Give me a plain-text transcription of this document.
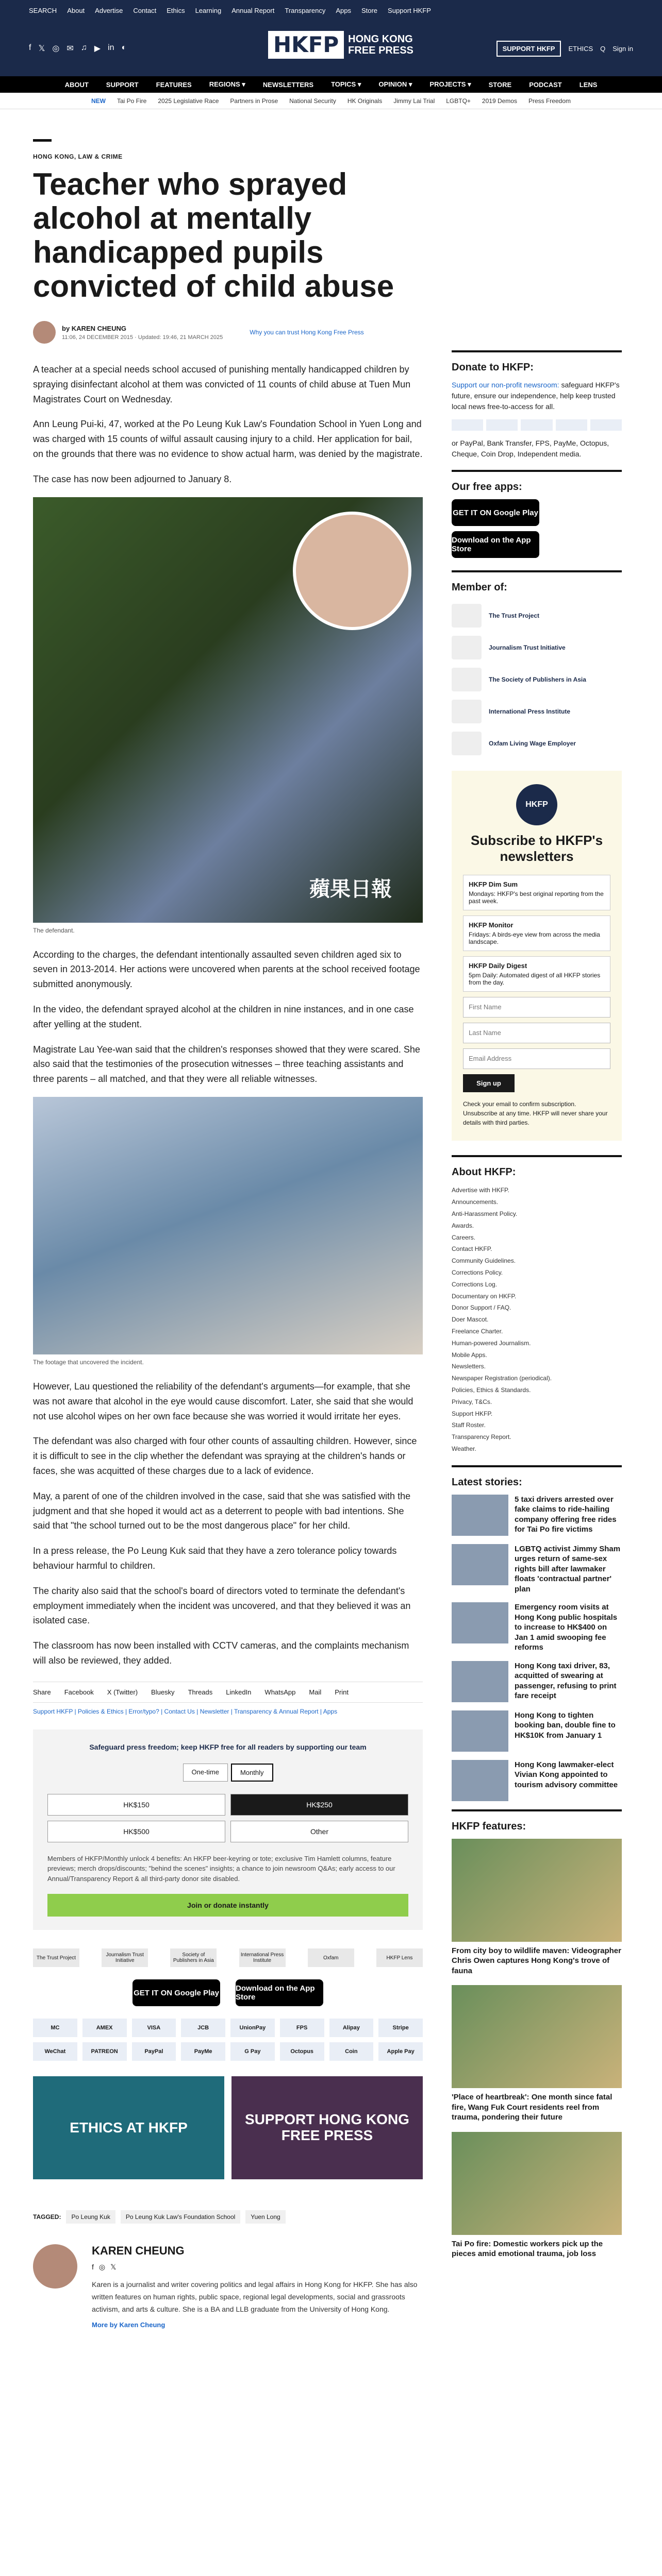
SEARCH About Advertise Contact Ethics Learning Annual Report Transparency Apps Store Support HKFP
f 𝕏 ◎ ✉ ♫ ▶ in ◐	HKFP HONG KONG
FREE PRESS	SUPPORT HKFP	ETHICS Q Sign in
ABOUT	SUPPORT	FEATURES	REGIONS ▾	NEWSLETTERS	TOPICS ▾	OPINION ▾	PROJECTS ▾	STORE	PODCAST	LENS
NEW Tai Po Fire 2025 Legislative Race Partners in Prose National Security HK Originals Jimmy Lai Trial LGBTQ+ 2019 Demos Press Freedom
HONG KONG, LAW & CRIME
Teacher who sprayed alcohol at mentally handicapped pupils convicted of child abuse
by KAREN CHEUNG
11:06, 24 DECEMBER 2015 · Updated: 19:46, 21 MARCH 2025
Why you can trust Hong Kong Free Press

A teacher at a special needs school accused of punishing mentally handicapped children by spraying disinfectant alcohol at them was convicted of 11 counts of child abuse at Tuen Mun Magistrates Court on Wednesday.

Ann Leung Pui-ki, 47, worked at the Po Leung Kuk Law's Foundation School in Yuen Long and was charged with 15 counts of wilful assault causing injury to a child. Her application for bail, on the grounds that there was no evidence to show actual harm, was denied by the magistrate.

The case has now been adjourned to January 8.

蘋果日報
The defendant.

According to the charges, the defendant intentionally assaulted seven children aged six to seven in 2013-2014. Her actions were uncovered when parents at the school received footage submitted anonymously.

In the video, the defendant sprayed alcohol at the children in nine instances, and in one case after yelling at the student.

Magistrate Lau Yee-wan said that the children's responses showed that they were scared. She also said that the testimonies of the prosecution witnesses – three teaching assistants and three parents – all matched, and that they were all reliable witnesses.

The footage that uncovered the incident.

However, Lau questioned the reliability of the defendant's arguments—for example, that she was not aware that alcohol in the eye would cause discomfort. Later, she said that she would not use alcohol wipes on her own face because she was worried it would irritate her eyes.

The defendant was also charged with four other counts of assaulting children. However, since it is difficult to see in the clip whether the defendant was spraying at the children's hands or faces, she was acquitted of these charges due to a lack of evidence.

May, a parent of one of the children involved in the case, said that she was satisfied with the judgment and that she hoped it would act as a deterrent to people with bad intentions. She said that "the school turned out to be the most dangerous place" for her child.

In a press release, the Po Leung Kuk said that they have a zero tolerance policy towards behaviour harmful to children.

The charity also said that the school's board of directors voted to terminate the defendant's employment immediately when the incident was uncovered, and that they believed it was an isolated case.

The classroom has now been installed with CCTV cameras, and the complaints mechanism will also be reviewed, they added.

Share Facebook X (Twitter) Bluesky Threads LinkedIn WhatsApp Mail Print
Support HKFP | Policies & Ethics | Error/typo? | Contact Us | Newsletter | Transparency & Annual Report | Apps
Safeguard press freedom; keep HKFP free for all readers by supporting our team
One-time	Monthly
HK$150	HK$250
HK$500	Other
Members of HKFP/Monthly unlock 4 benefits: An HKFP beer-keyring or tote; exclusive Tim Hamlett columns, feature previews; merch drops/discounts; "behind the scenes" insights; a chance to join newsroom Q&As; early access to our Annual/Transparency Report & all third-party donor site disabled.
Join or donate instantly
The Trust Project	Journalism Trust Initiative
Society of Publishers in Asia
International Press Institute	Oxfam	HKFP Lens
GET IT ON Google Play Download on the App Store
MC	AMEX	VISA	JCB	UnionPay	FPS	Alipay	Stripe
WeChat	PATREON	PayPal	PayMe	G Pay	Octopus	Coin	Apple Pay
ETHICS AT HKFP	SUPPORT HONG KONG FREE PRESS
TAGGED:	Po Leung Kuk	Po Leung Kuk Law's Foundation School	Yuen Long
KAREN CHEUNG
f◎𝕏
Karen is a journalist and writer covering politics and legal affairs in Hong Kong for HKFP. She has also written features on human rights, public space, regional legal developments, social and grassroots activism, and arts & culture. She is a BA and LLB graduate from the University of Hong Kong.
More by Karen Cheung
Donate to HKFP:
Support our non-profit newsroom: safeguard HKFP's future, ensure our independence, help keep trusted local news free-to-access for all.
or PayPal, Bank Transfer, FPS, PayMe, Octopus, Cheque, Coin Drop, Independent media.
Our free apps:
GET IT ON Google Play
Download on the App Store
Member of:
The Trust Project
Journalism Trust Initiative
The Society of Publishers in Asia
International Press Institute
Oxfam Living Wage Employer
HKFP
Subscribe to HKFP's newsletters
HKFP Dim Sum
Mondays: HKFP's best original reporting from the past week.
HKFP Monitor
Fridays: A birds-eye view from across the media landscape.
HKFP Daily Digest
5pm Daily: Automated digest of all HKFP stories from the day.
First Name
Last Name
Email Address
Sign up
Check your email to confirm subscription. Unsubscribe at any time. HKFP will never share your details with third parties.
About HKFP:
Advertise with HKFP.
Announcements.
Anti-Harassment Policy.
Awards.
Careers.
Contact HKFP.
Community Guidelines.
Corrections Policy.
Corrections Log.
Documentary on HKFP.
Donor Support / FAQ.
Doer Mascot.
Freelance Charter.
Human-powered Journalism.
Mobile Apps.
Newsletters.
Newspaper Registration (periodical).
Policies, Ethics & Standards.
Privacy, T&Cs.
Support HKFP.
Staff Roster.
Transparency Report.
Weather.
Latest stories:
5 taxi drivers arrested over fake claims to ride-hailing company offering free rides for Tai Po fire victims
LGBTQ activist Jimmy Sham urges return of same-sex rights bill after lawmaker floats 'contractual partner' plan
Emergency room visits at Hong Kong public hospitals to increase to HK$400 on Jan 1 amid swooping fee reforms
Hong Kong taxi driver, 83, acquitted of swearing at passenger, refusing to print fare receipt
Hong Kong to tighten booking ban, double fine to HK$10K from January 1
Hong Kong lawmaker-elect Vivian Kong appointed to tourism advisory committee
HKFP features:
From city boy to wildlife maven: Videographer Chris Owen captures Hong Kong's trove of fauna
'Place of heartbreak': One month since fatal fire, Wang Fuk Court residents reel from trauma, pondering their future
Tai Po fire: Domestic workers pick up the pieces amid emotional trauma, job loss
